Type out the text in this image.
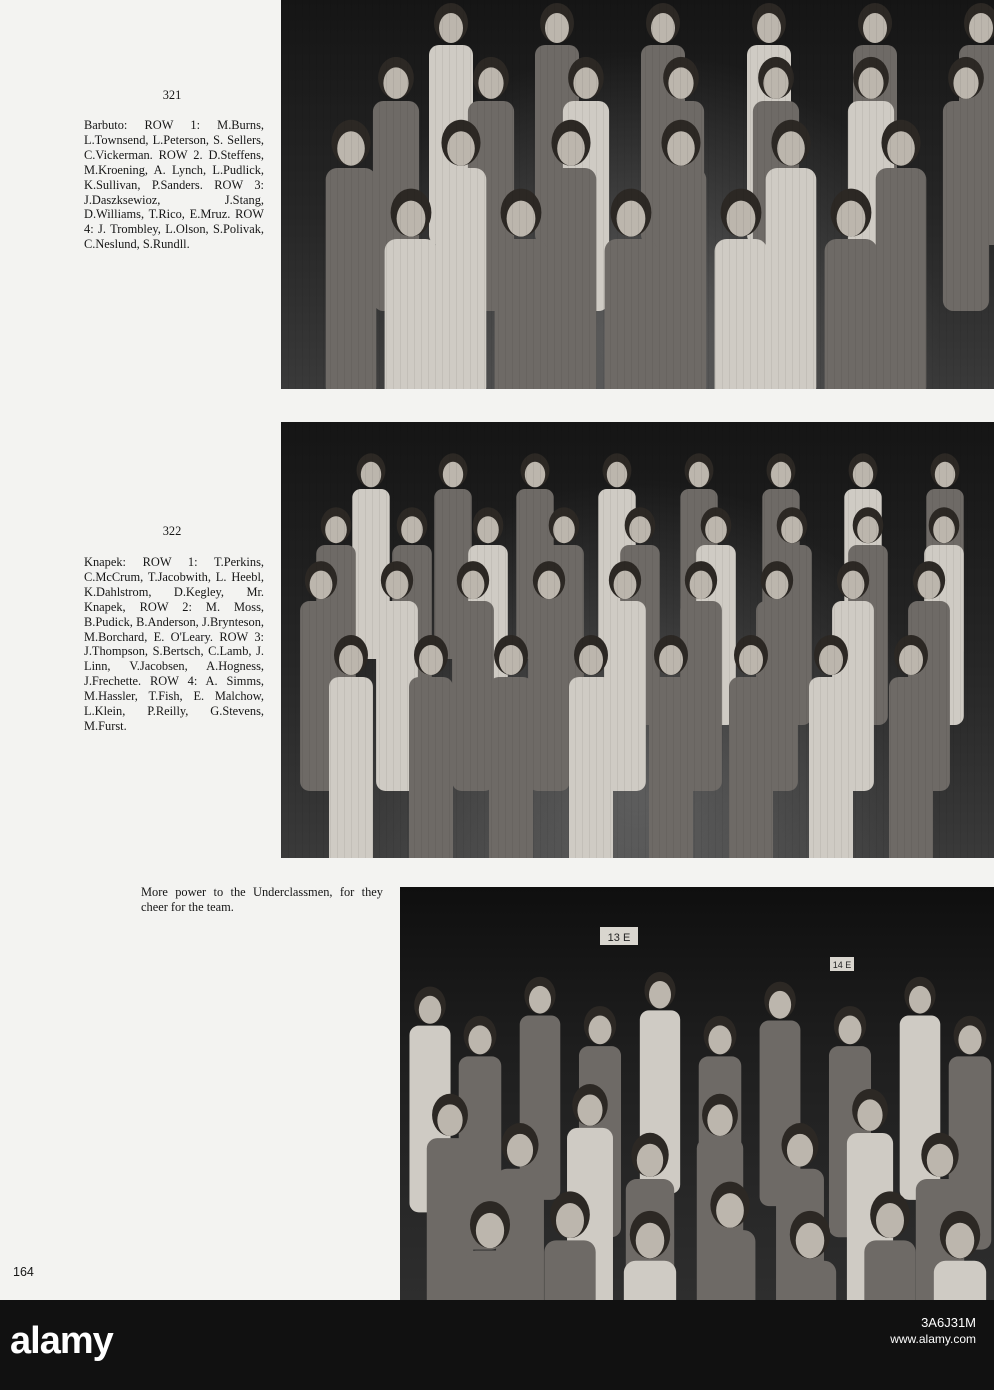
321
Barbuto: ROW 1: M.Burns, L.Townsend, L.Peterson, S. Sellers, C.Vickerman. ROW 2. D.Steffens, M.Kroening, A. Lynch, L.Pudlick, K.Sullivan, P.Sanders. ROW 3: J.Daszksewioz, J.Stang, D.Williams, T.Rico, E.Mruz. ROW 4: J. Trombley, L.Olson, S.Polivak, C.Neslund, S.Rundll.
322
Knapek: ROW 1: T.Perkins, C.McCrum, T.Jacobwith, L. Heebl, K.Dahlstrom, D.Kegley, Mr. Knapek, ROW 2: M. Moss, B.Pudick, B.Anderson, J.Brynteson, M.Borchard, E. O'Leary. ROW 3: J.Thompson, S.Bertsch, C.Lamb, J. Linn, V.Jacobsen, A.Hogness, J.Frechette. ROW 4: A. Simms, M.Hassler, T.Fish, E. Malchow, L.Klein, P.Reilly, G.Stevens, M.Furst.
More power to the Underclassmen, for they cheer for the team.
13 E
14 E
164
alamy	3A6J31M
www.alamy.com
